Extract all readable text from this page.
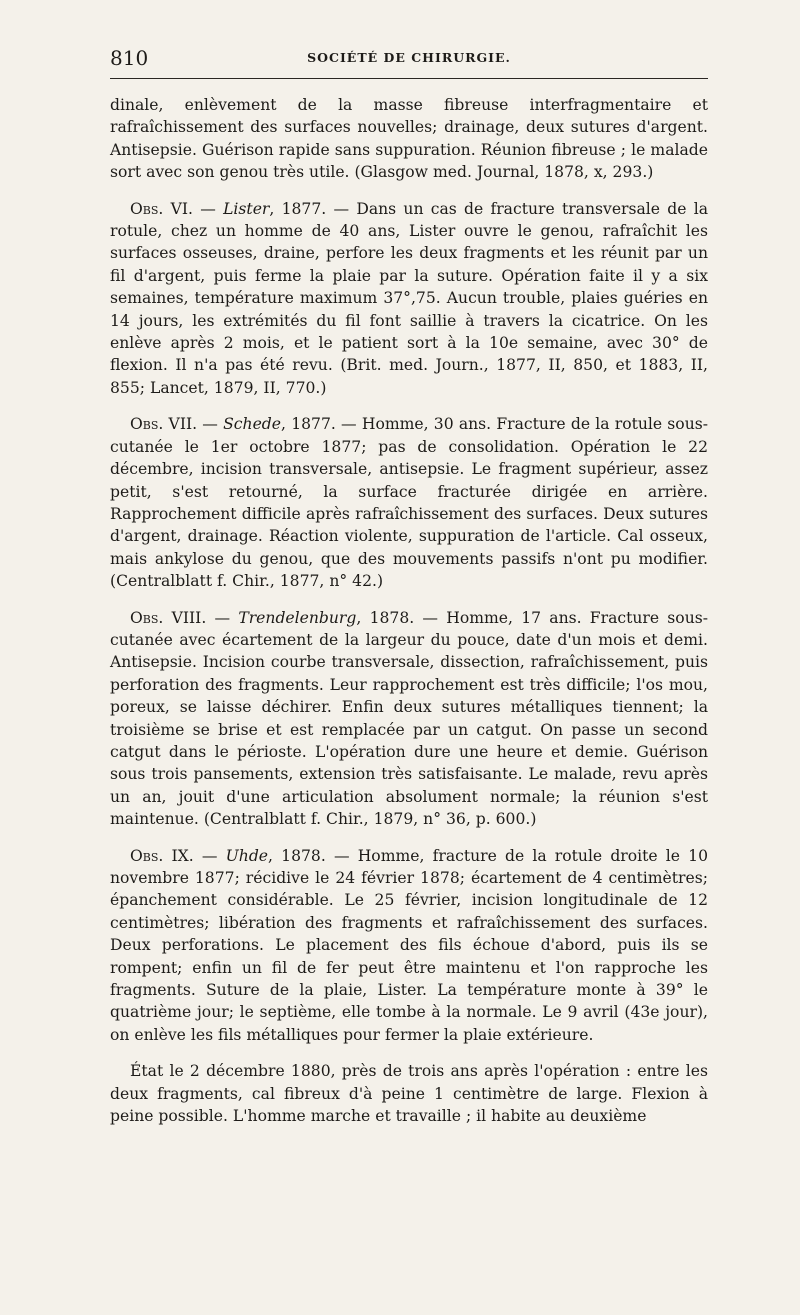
810	SOCIÉTÉ DE CHIRURGIE.

dinale, enlèvement de la masse fibreuse interfragmentaire et rafraîchissement des surfaces nouvelles; drainage, deux sutures d'argent. Antisepsie. Guérison rapide sans suppuration. Réunion fibreuse ; le malade sort avec son genou très utile. (Glasgow med. Journal, 1878, x, 293.)

Obs. VI. — Lister, 1877. — Dans un cas de fracture transversale de la rotule, chez un homme de 40 ans, Lister ouvre le genou, rafraîchit les surfaces osseuses, draine, perfore les deux fragments et les réunit par un fil d'argent, puis ferme la plaie par la suture. Opération faite il y a six semaines, température maximum 37°,75. Aucun trouble, plaies guéries en 14 jours, les extrémités du fil font saillie à travers la cicatrice. On les enlève après 2 mois, et le patient sort à la 10e semaine, avec 30° de flexion. Il n'a pas été revu. (Brit. med. Journ., 1877, II, 850, et 1883, II, 855; Lancet, 1879, II, 770.)

Obs. VII. — Schede, 1877. — Homme, 30 ans. Fracture de la rotule sous-cutanée le 1er octobre 1877; pas de consolidation. Opération le 22 décembre, incision transversale, antisepsie. Le fragment supérieur, assez petit, s'est retourné, la surface fracturée dirigée en arrière. Rapprochement difficile après rafraîchissement des surfaces. Deux sutures d'argent, drainage. Réaction violente, suppuration de l'article. Cal osseux, mais ankylose du genou, que des mouvements passifs n'ont pu modifier. (Centralblatt f. Chir., 1877, n° 42.)

Obs. VIII. — Trendelenburg, 1878. — Homme, 17 ans. Fracture sous-cutanée avec écartement de la largeur du pouce, date d'un mois et demi. Antisepsie. Incision courbe transversale, dissection, rafraîchissement, puis perforation des fragments. Leur rapprochement est très difficile; l'os mou, poreux, se laisse déchirer. Enfin deux sutures métalliques tiennent; la troisième se brise et est remplacée par un catgut. On passe un second catgut dans le périoste. L'opération dure une heure et demie. Guérison sous trois pansements, extension très satisfaisante. Le malade, revu après un an, jouit d'une articulation absolument normale; la réunion s'est maintenue. (Centralblatt f. Chir., 1879, n° 36, p. 600.)

Obs. IX. — Uhde, 1878. — Homme, fracture de la rotule droite le 10 novembre 1877; récidive le 24 février 1878; écartement de 4 centimètres; épanchement considérable. Le 25 février, incision longitudinale de 12 centimètres; libération des fragments et rafraîchissement des surfaces. Deux perforations. Le placement des fils échoue d'abord, puis ils se rompent; enfin un fil de fer peut être maintenu et l'on rapproche les fragments. Suture de la plaie, Lister. La température monte à 39° le quatrième jour; le septième, elle tombe à la normale. Le 9 avril (43e jour), on enlève les fils métalliques pour fermer la plaie extérieure.

État le 2 décembre 1880, près de trois ans après l'opération : entre les deux fragments, cal fibreux d'à peine 1 centimètre de large. Flexion à peine possible. L'homme marche et travaille ; il habite au deuxième
